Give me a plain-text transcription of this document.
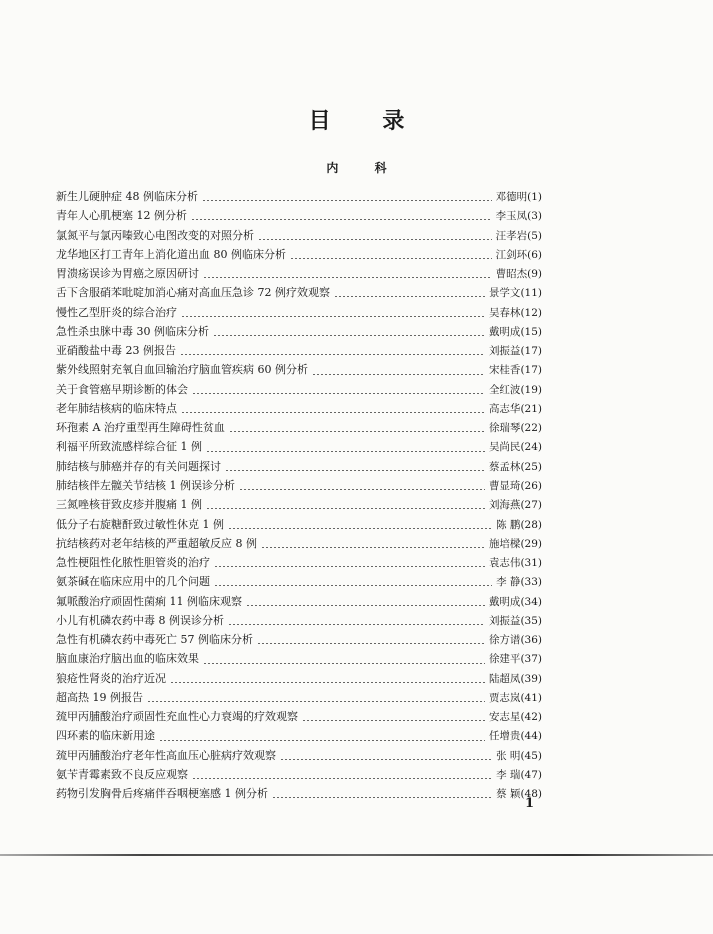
目 录
内 科
新生儿硬肿症 48 例临床分析	邓德明 (1)
青年人心肌梗塞 12 例分析	李玉凤 (3)
氯氮平与氯丙嗪致心电图改变的对照分析	汪孝岩 (5)
龙华地区打工青年上消化道出血 80 例临床分析	江剑环 (6)
胃溃疡误诊为胃癌之原因研讨	曹昭杰 (9)
舌下含服硝苯吡啶加消心痛对高血压急诊 72 例疗效观察	景学文 (11)
慢性乙型肝炎的综合治疗	吴春林 (12)
急性杀虫脒中毒 30 例临床分析	戴明成 (15)
亚硝酸盐中毒 23 例报告	刘振益 (17)
紫外线照射充氧自血回输治疗脑血管疾病 60 例分析	宋桂香 (17)
关于食管癌早期诊断的体会	全红波 (19)
老年肺结核病的临床特点	高志华 (21)
环孢素 A 治疗重型再生障碍性贫血	徐瑞琴 (22)
利福平所致流感样综合征 1 例	吴尚民 (24)
肺结核与肺癌并存的有关问题探讨	蔡孟林 (25)
肺结核伴左髋关节结核 1 例误诊分析	曹显琦 (26)
三氮唑核苷致皮疹并腹痛 1 例	刘海燕 (27)
低分子右旋糖酐致过敏性休克 1 例	陈 鹏 (28)
抗结核药对老年结核的严重超敏反应 8 例	施培樑 (29)
急性梗阻性化脓性胆管炎的治疗	袁志伟 (31)
氨茶碱在临床应用中的几个问题	李 静 (33)
氟哌酸治疗顽固性菌痢 11 例临床观察	戴明成 (34)
小儿有机磷农药中毒 8 例误诊分析	刘振益 (35)
急性有机磷农药中毒死亡 57 例临床分析	徐方谱 (36)
脑血康治疗脑出血的临床效果	徐建平 (37)
狼疮性肾炎的治疗近况	陆超凤 (39)
超高热 19 例报告	贾志岚 (41)
巯甲丙脯酸治疗顽固性充血性心力衰竭的疗效观察	安志星 (42)
四环素的临床新用途	任增贵 (44)
巯甲丙脯酸治疗老年性高血压心脏病疗效观察	张 明 (45)
氨苄青霉素致不良反应观察	李 瑞 (47)
药物引发胸骨后疼痛伴吞咽梗塞感 1 例分析	蔡 颖 (48)
1
